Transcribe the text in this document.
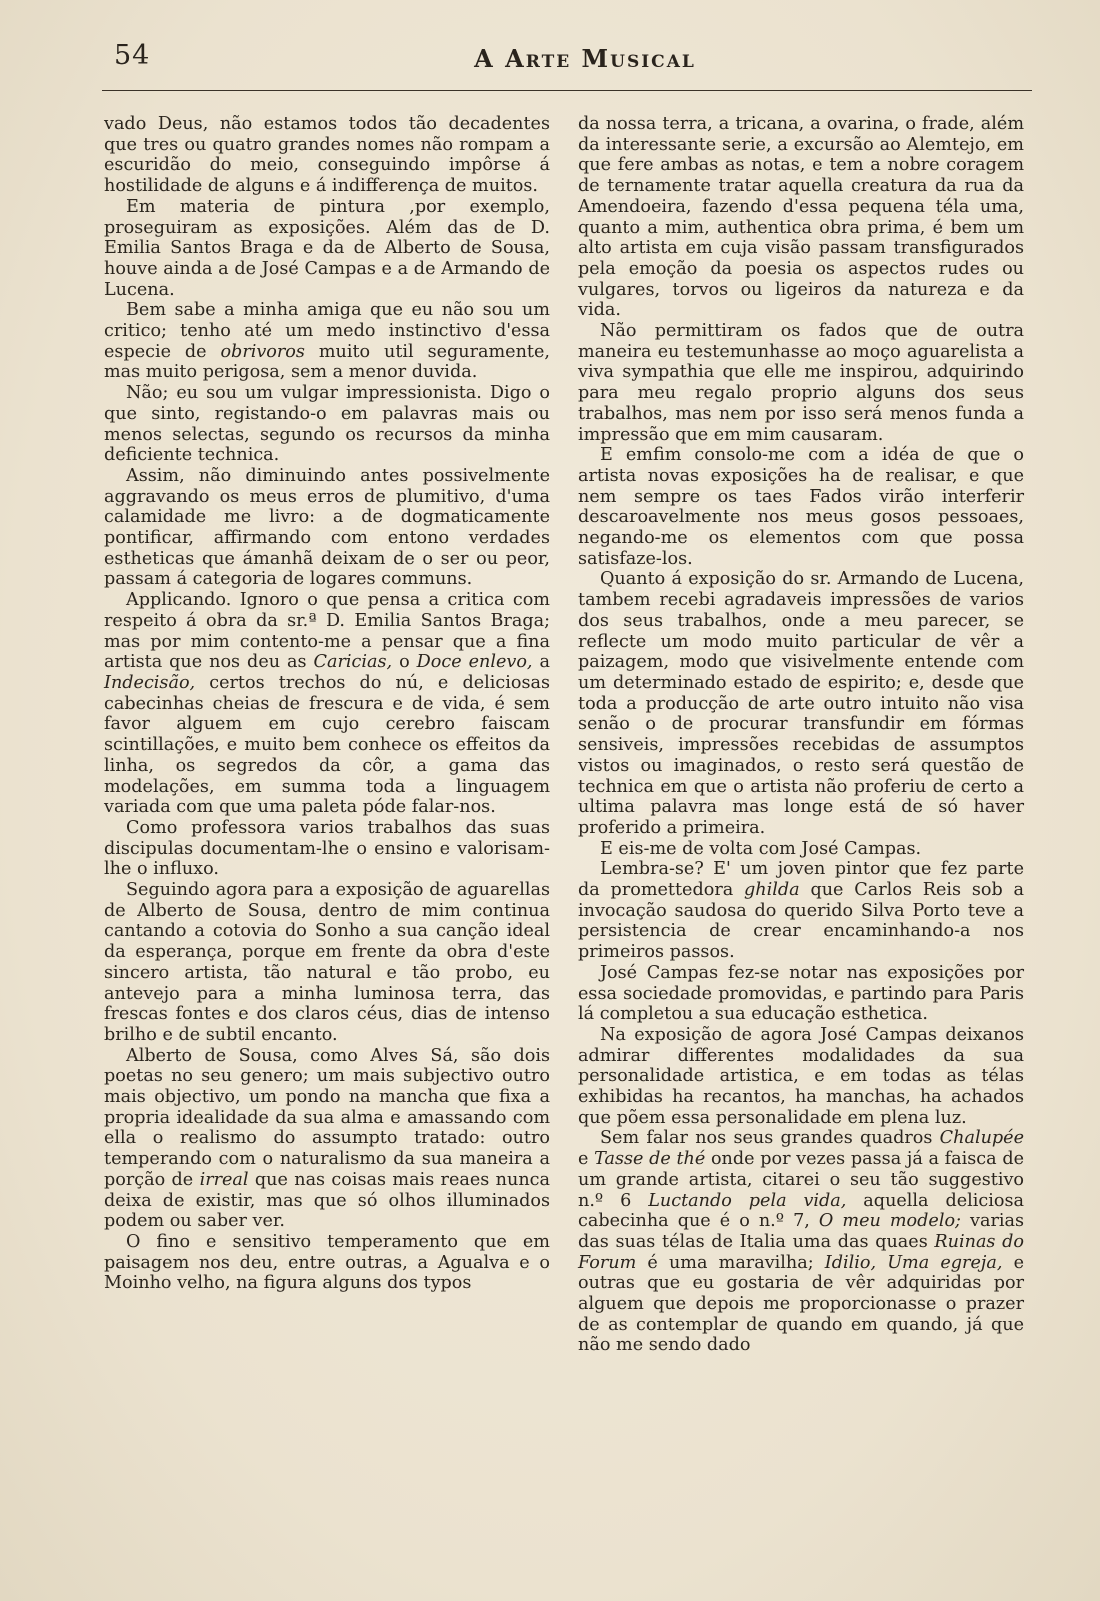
54	A Arte Musical

vado Deus, não estamos todos tão decadentes que tres ou quatro grandes nomes não rompam a escuridão do meio, conseguindo impôrse á hostilidade de alguns e á indifferença de muitos.

Em materia de pintura ,por exemplo, proseguiram as exposições. Além das de D. Emilia Santos Braga e da de Alberto de Sousa, houve ainda a de José Campas e a de Armando de Lucena.

Bem sabe a minha amiga que eu não sou um critico; tenho até um medo instinctivo d'essa especie de obrivoros muito util seguramente, mas muito perigosa, sem a menor duvida.

Não; eu sou um vulgar impressionista. Digo o que sinto, registando-o em palavras mais ou menos selectas, segundo os recursos da minha deficiente technica.

Assim, não diminuindo antes possivelmente aggravando os meus erros de plumitivo, d'uma calamidade me livro: a de dogmaticamente pontificar, affirmando com entono verdades estheticas que ámanhã deixam de o ser ou peor, passam á categoria de logares communs.

Applicando. Ignoro o que pensa a critica com respeito á obra da sr.ª D. Emilia Santos Braga; mas por mim contento-me a pensar que a fina artista que nos deu as Caricias, o Doce enlevo, a Indecisão, certos trechos do nú, e deliciosas cabecinhas cheias de frescura e de vida, é sem favor alguem em cujo cerebro faiscam scintillações, e muito bem conhece os effeitos da linha, os segredos da côr, a gama das modelações, em summa toda a linguagem variada com que uma paleta póde falar-nos.

Como professora varios trabalhos das suas discipulas documentam-lhe o ensino e valorisam-lhe o influxo.

Seguindo agora para a exposição de aguarellas de Alberto de Sousa, dentro de mim continua cantando a cotovia do Sonho a sua canção ideal da esperança, porque em frente da obra d'este sincero artista, tão natural e tão probo, eu antevejo para a minha luminosa terra, das frescas fontes e dos claros céus, dias de intenso brilho e de subtil encanto.

Alberto de Sousa, como Alves Sá, são dois poetas no seu genero; um mais subjectivo outro mais objectivo, um pondo na mancha que fixa a propria idealidade da sua alma e amassando com ella o realismo do assumpto tratado: outro temperando com o naturalismo da sua maneira a porção de irreal que nas coisas mais reaes nunca deixa de existir, mas que só olhos illuminados podem ou saber ver.

O fino e sensitivo temperamento que em paisagem nos deu, entre outras, a Agualva e o Moinho velho, na figura alguns dos typos

da nossa terra, a tricana, a ovarina, o frade, além da interessante serie, a excursão ao Alemtejo, em que fere ambas as notas, e tem a nobre coragem de ternamente tratar aquella creatura da rua da Amendoeira, fazendo d'essa pequena téla uma, quanto a mim, authentica obra prima, é bem um alto artista em cuja visão passam transfigurados pela emoção da poesia os aspectos rudes ou vulgares, torvos ou ligeiros da natureza e da vida.

Não permittiram os fados que de outra maneira eu testemunhasse ao moço aguarelista a viva sympathia que elle me inspirou, adquirindo para meu regalo proprio alguns dos seus trabalhos, mas nem por isso será menos funda a impressão que em mim causaram.

E emfim consolo-me com a idéa de que o artista novas exposições ha de realisar, e que nem sempre os taes Fados virão interferir descaroavelmente nos meus gosos pessoaes, negando-me os elementos com que possa satisfaze-los.

Quanto á exposição do sr. Armando de Lucena, tambem recebi agradaveis impressões de varios dos seus trabalhos, onde a meu parecer, se reflecte um modo muito particular de vêr a paizagem, modo que visivelmente entende com um determinado estado de espirito; e, desde que toda a producção de arte outro intuito não visa senão o de procurar transfundir em fórmas sensiveis, impressões recebidas de assumptos vistos ou imaginados, o resto será questão de technica em que o artista não proferiu de certo a ultima palavra mas longe está de só haver proferido a primeira.

E eis-me de volta com José Campas.

Lembra-se? E' um joven pintor que fez parte da promettedora ghilda que Carlos Reis sob a invocação saudosa do querido Silva Porto teve a persistencia de crear encaminhando-a nos primeiros passos.

José Campas fez-se notar nas exposições por essa sociedade promovidas, e partindo para Paris lá completou a sua educação esthetica.

Na exposição de agora José Campas deixanos admirar differentes modalidades da sua personalidade artistica, e em todas as télas exhibidas ha recantos, ha manchas, ha achados que põem essa personalidade em plena luz.

Sem falar nos seus grandes quadros Chalupée e Tasse de thé onde por vezes passa já a faisca de um grande artista, citarei o seu tão suggestivo n.º 6 Luctando pela vida, aquella deliciosa cabecinha que é o n.º 7, O meu modelo; varias das suas télas de Italia uma das quaes Ruinas do Forum é uma maravilha; Idilio, Uma egreja, e outras que eu gostaria de vêr adquiridas por alguem que depois me proporcionasse o prazer de as contemplar de quando em quando, já que não me sendo dado
